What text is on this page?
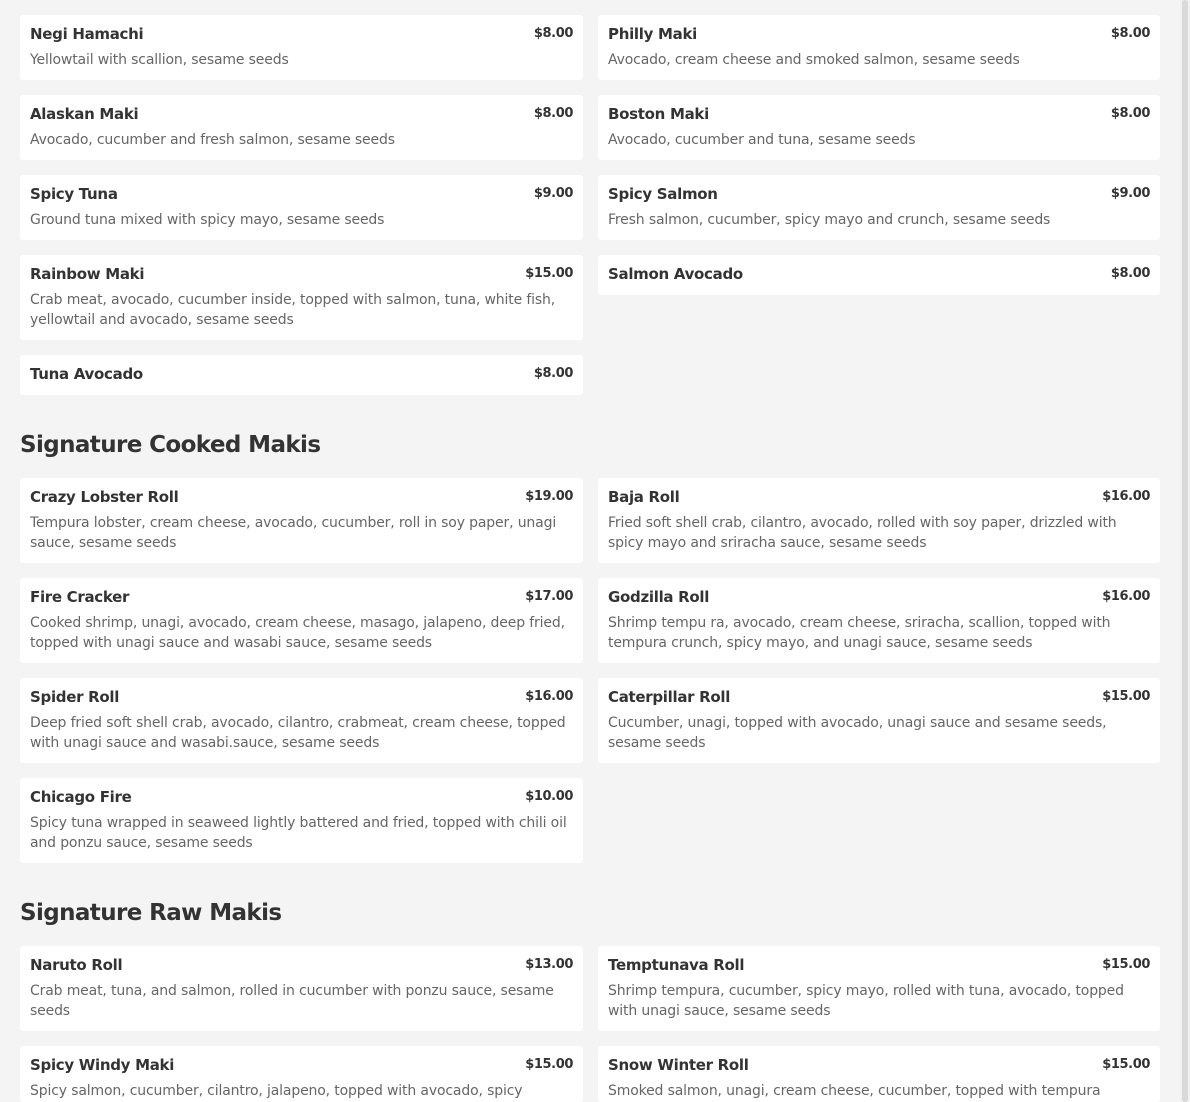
Negi Hamachi	$8.00
Yellowtail with scallion, sesame seeds
Philly Maki	$8.00
Avocado, cream cheese and smoked salmon, sesame seeds
Alaskan Maki	$8.00
Avocado, cucumber and fresh salmon, sesame seeds
Boston Maki	$8.00
Avocado, cucumber and tuna, sesame seeds
Spicy Tuna	$9.00
Ground tuna mixed with spicy mayo, sesame seeds
Spicy Salmon	$9.00
Fresh salmon, cucumber, spicy mayo and crunch, sesame seeds
Rainbow Maki	$15.00
Crab meat, avocado, cucumber inside, topped with salmon, tuna, white fish, yellowtail and avocado, sesame seeds
Salmon Avocado	$8.00
Tuna Avocado	$8.00
Signature Cooked Makis
Crazy Lobster Roll	$19.00
Tempura lobster, cream cheese, avocado, cucumber, roll in soy paper, unagi sauce, sesame seeds
Baja Roll	$16.00
Fried soft shell crab, cilantro, avocado, rolled with soy paper, drizzled with spicy mayo and sriracha sauce, sesame seeds
Fire Cracker	$17.00
Cooked shrimp, unagi, avocado, cream cheese, masago, jalapeno, deep fried, topped with unagi sauce and wasabi sauce, sesame seeds
Godzilla Roll	$16.00
Shrimp tempu ra, avocado, cream cheese, sriracha, scallion, topped with tempura crunch, spicy mayo, and unagi sauce, sesame seeds
Spider Roll	$16.00
Deep fried soft shell crab, avocado, cilantro, crabmeat, cream cheese, topped with unagi sauce and wasabi.sauce, sesame seeds
Caterpillar Roll	$15.00
Cucumber, unagi, topped with avocado, unagi sauce and sesame seeds, sesame seeds
Chicago Fire	$10.00
Spicy tuna wrapped in seaweed lightly battered and fried, topped with chili oil and ponzu sauce, sesame seeds
Signature Raw Makis
Naruto Roll	$13.00
Crab meat, tuna, and salmon, rolled in cucumber with ponzu sauce, sesame seeds
Temptunava Roll	$15.00
Shrimp tempura, cucumber, spicy mayo, rolled with tuna, avocado, topped with unagi sauce, sesame seeds
Spicy Windy Maki	$15.00
Spicy salmon, cucumber, cilantro, jalapeno, topped with avocado, spicy
Snow Winter Roll	$15.00
Smoked salmon, unagi, cream cheese, cucumber, topped with tempura
